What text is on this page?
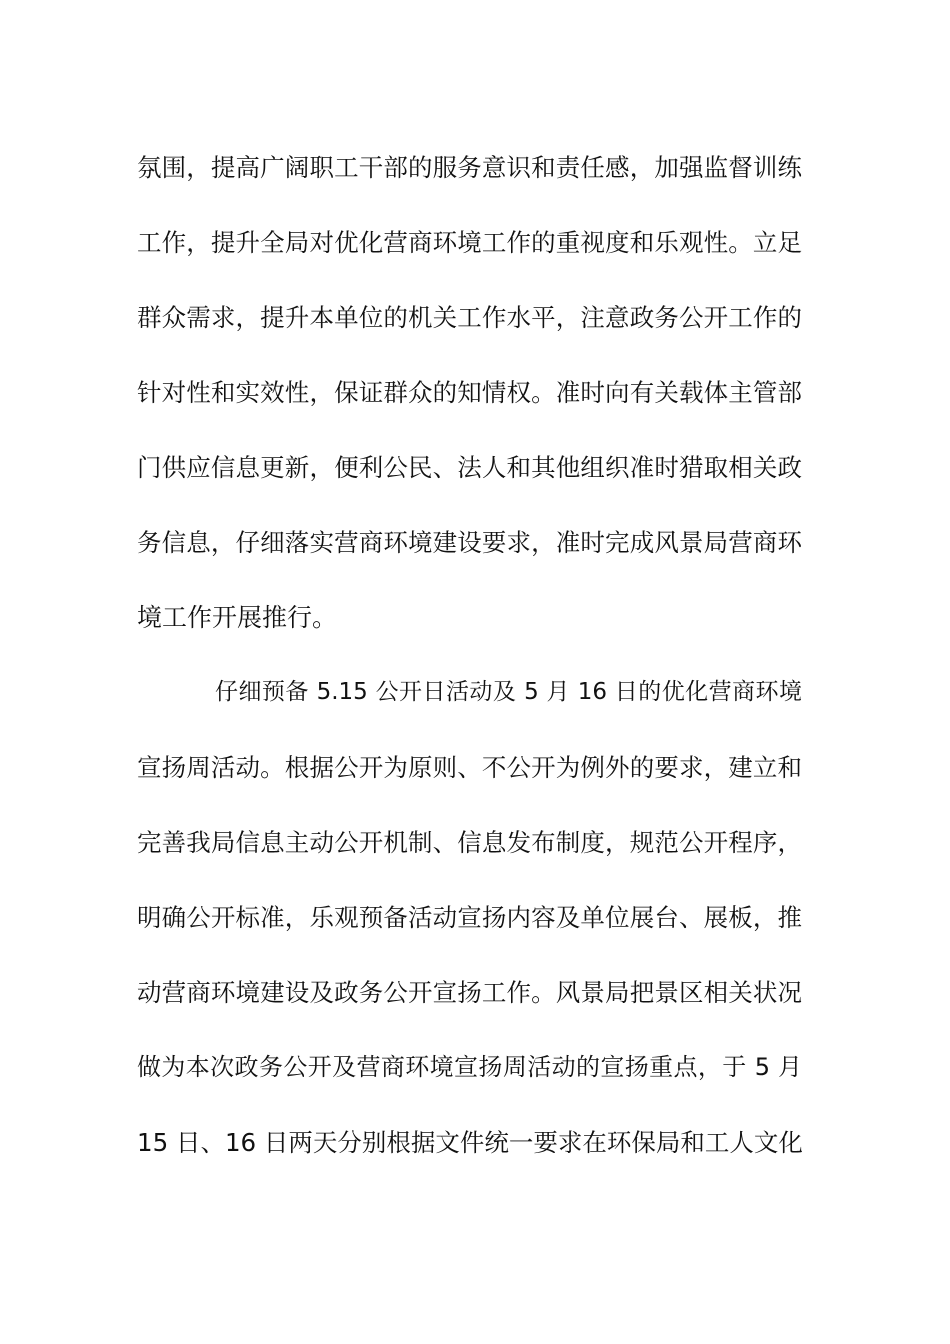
氛围，提高广阔职工干部的服务意识和责任感，加强监督训练
工作，提升全局对优化营商环境工作的重视度和乐观性。立足
群众需求，提升本单位的机关工作水平，注意政务公开工作的
针对性和实效性，保证群众的知情权。准时向有关载体主管部
门供应信息更新，便利公民、法人和其他组织准时猎取相关政
务信息，仔细落实营商环境建设要求，准时完成风景局营商环
境工作开展推行。
仔细预备 5.15 公开日活动及 5 月 16 日的优化营商环境
宣扬周活动。根据公开为原则、不公开为例外的要求，建立和
完善我局信息主动公开机制、信息发布制度，规范公开程序，
明确公开标准，乐观预备活动宣扬内容及单位展台、展板，推
动营商环境建设及政务公开宣扬工作。风景局把景区相关状况
做为本次政务公开及营商环境宣扬周活动的宣扬重点，于 5 月
15 日、16 日两天分别根据文件统一要求在环保局和工人文化
